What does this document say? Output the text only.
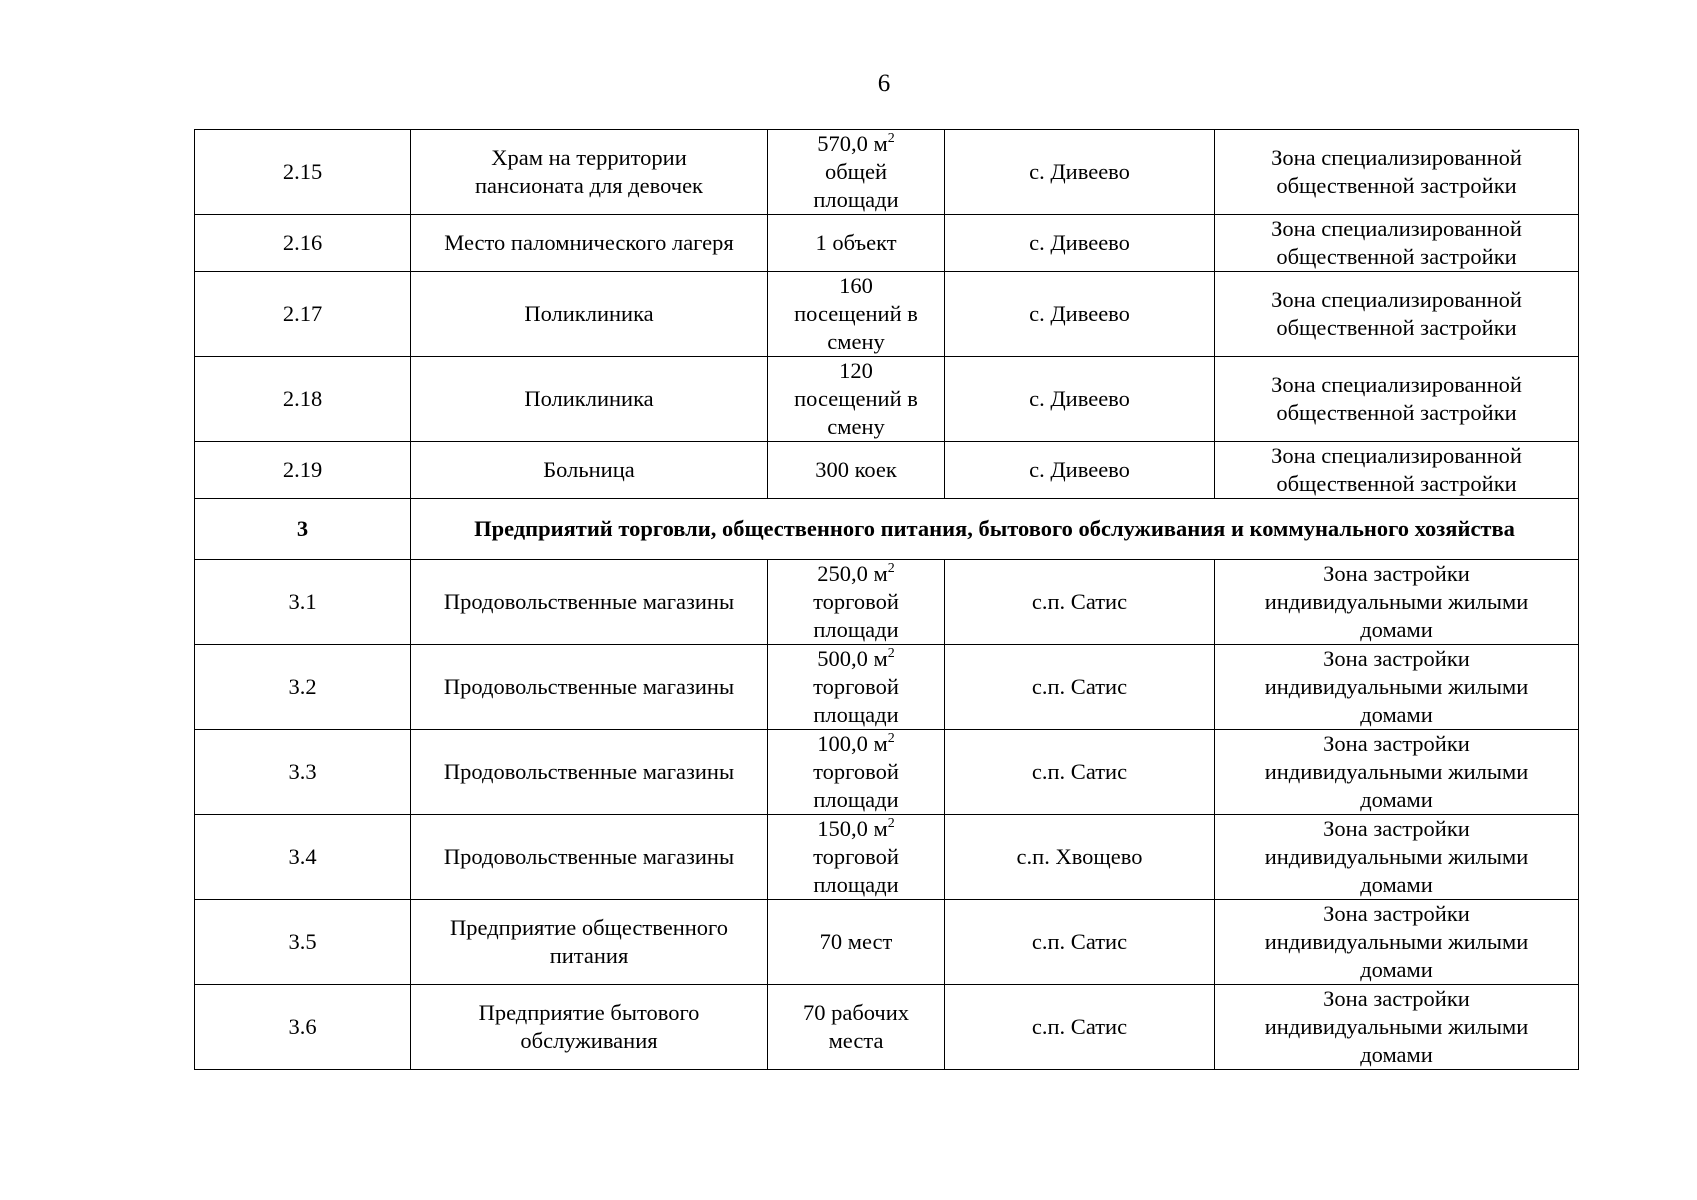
6
2.15	Храм на территории
пансионата для девочек	570,0 $м^2$
общей
площади	с. Дивеево	Зона специализированной
общественной застройки

2.16	Место паломнического лагеря	1 объект	с. Дивеево	Зона специализированной
общественной застройки

2.17	Поликлиника	160
посещений в
смену	с. Дивеево	Зона специализированной
общественной застройки

2.18	Поликлиника	120
посещений в
смену	с. Дивеево	Зона специализированной
общественной застройки

2.19	Больница	300 коек	с. Дивеево	Зона специализированной
общественной застройки

3	Предприятий торговли, общественного питания, бытового обслуживания и коммунального хозяйства			
3.1	Продовольственные магазины	250,0 $м^2$
торговой
площади	с.п. Сатис	Зона застройки
индивидуальными жилыми
домами

3.2	Продовольственные магазины	500,0 $м^2$
торговой
площади	с.п. Сатис	Зона застройки
индивидуальными жилыми
домами

3.3	Продовольственные магазины	100,0 $м^2$
торговой
площади	с.п. Сатис	Зона застройки
индивидуальными жилыми
домами

3.4	Продовольственные магазины	150,0 $м^2$
торговой
площади	с.п. Хвощево	Зона застройки
индивидуальными жилыми
домами

3.5	Предприятие общественного
питания	70 мест	с.п. Сатис	Зона застройки
индивидуальными жилыми
домами

3.6	Предприятие бытового
обслуживания	70 рабочих
места	с.п. Сатис	Зона застройки
индивидуальными жилыми
домами
